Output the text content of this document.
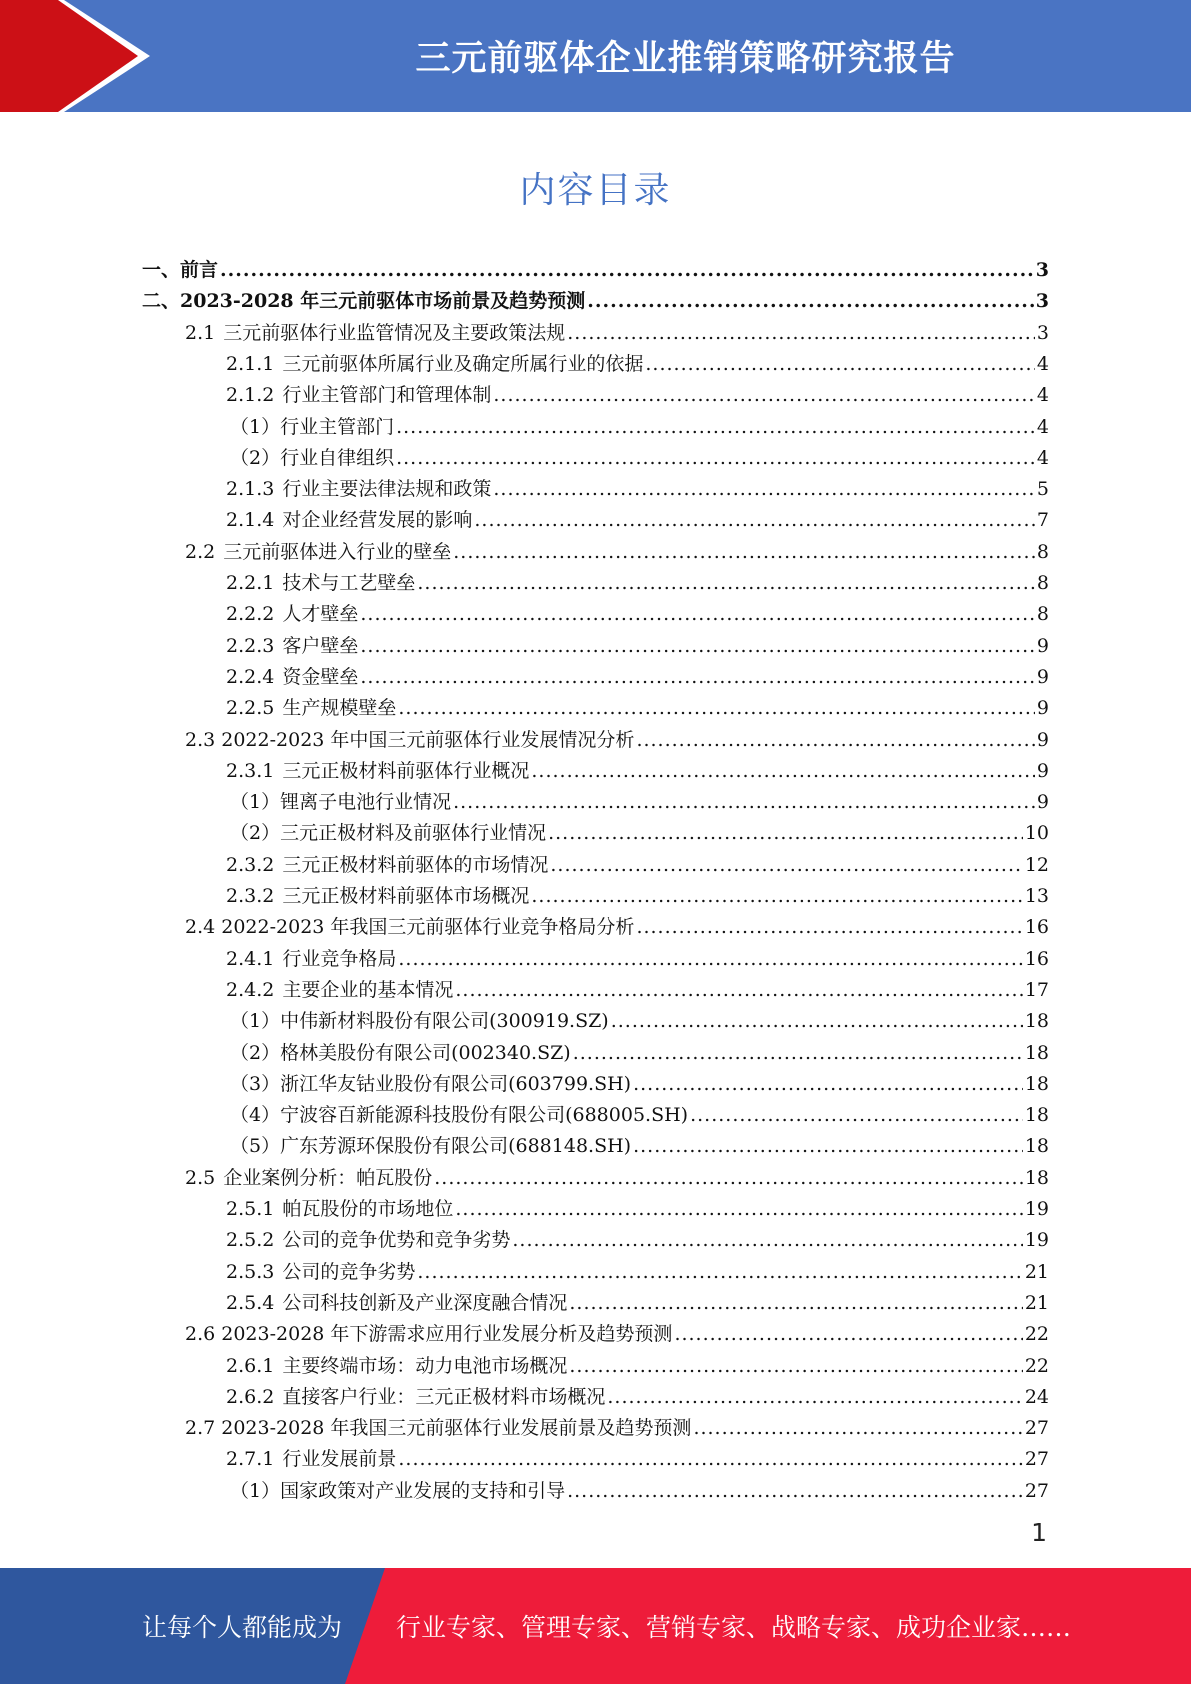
三元前驱体企业推销策略研究报告
内容目录
一、前言 .....	3
二、2023-2028 年三元前驱体市场前景及趋势预测 .....	3
2.1 三元前驱体行业监管情况及主要政策法规 .....	3
2.1.1 三元前驱体所属行业及确定所属行业的依据 .....	4
2.1.2 行业主管部门和管理体制 .....	4
（1）行业主管部门 .....	4
（2）行业自律组织 .....	4
2.1.3 行业主要法律法规和政策 .....	5
2.1.4 对企业经营发展的影响 .....	7
2.2 三元前驱体进入行业的壁垒 .....	8
2.2.1 技术与工艺壁垒 .....	8
2.2.2 人才壁垒 .....	8
2.2.3 客户壁垒 .....	9
2.2.4 资金壁垒 .....	9
2.2.5 生产规模壁垒 .....	9
2.3 2022-2023 年中国三元前驱体行业发展情况分析 .....	9
2.3.1 三元正极材料前驱体行业概况 .....	9
（1）锂离子电池行业情况 .....	9
（2）三元正极材料及前驱体行业情况 .....	10
2.3.2 三元正极材料前驱体的市场情况 .....	12
2.3.2 三元正极材料前驱体市场概况 .....	13
2.4 2022-2023 年我国三元前驱体行业竞争格局分析 .....	16
2.4.1 行业竞争格局 .....	16
2.4.2 主要企业的基本情况 .....	17
（1）中伟新材料股份有限公司(300919.SZ) .....	18
（2）格林美股份有限公司(002340.SZ) .....	18
（3）浙江华友钴业股份有限公司(603799.SH) .....	18
（4）宁波容百新能源科技股份有限公司(688005.SH) .....	18
（5）广东芳源环保股份有限公司(688148.SH) .....	18
2.5 企业案例分析：帕瓦股份 .....	18
2.5.1 帕瓦股份的市场地位 .....	19
2.5.2 公司的竞争优势和竞争劣势 .....	19
2.5.3 公司的竞争劣势 .....	21
2.5.4 公司科技创新及产业深度融合情况 .....	21
2.6 2023-2028 年下游需求应用行业发展分析及趋势预测 .....	22
2.6.1 主要终端市场：动力电池市场概况 .....	22
2.6.2 直接客户行业：三元正极材料市场概况 .....	24
2.7 2023-2028 年我国三元前驱体行业发展前景及趋势预测 .....	27
2.7.1 行业发展前景 .....	27
（1）国家政策对产业发展的支持和引导 .....	27
1
让每个人都能成为 行业专家、管理专家、营销专家、战略专家、成功企业家……
